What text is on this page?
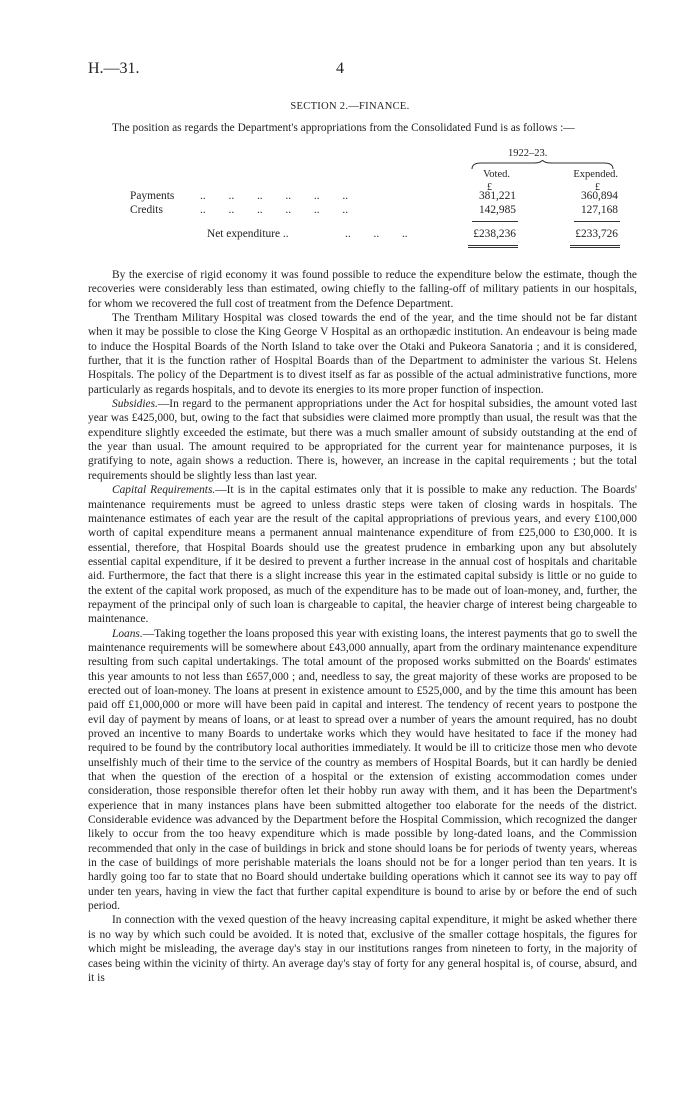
H.—31.	4
SECTION 2.—FINANCE.
The position as regards the Department's appropriations from the Consolidated Fund is as follows :—
1922–23.
Voted.	Expended.
£	£
Payments ..        ..        ..        ..        ..        ..	381,221	360,894
Credits	..        ..        ..        ..        ..        ..	142,985	127,168
Net expenditure ..	..        ..        ..	£238,236	£233,726

By the exercise of rigid economy it was found possible to reduce the expenditure below the estimate, though the recoveries were considerably less than estimated, owing chiefly to the falling-off of military patients in our hospitals, for whom we recovered the full cost of treatment from the Defence Department.

The Trentham Military Hospital was closed towards the end of the year, and the time should not be far distant when it may be possible to close the King George V Hospital as an orthopædic institution. An endeavour is being made to induce the Hospital Boards of the North Island to take over the Otaki and Pukeora Sanatoria ; and it is considered, further, that it is the function rather of Hospital Boards than of the Department to administer the various St. Helens Hospitals. The policy of the Department is to divest itself as far as possible of the actual administrative functions, more particularly as regards hospitals, and to devote its energies to its more proper function of inspection.

Subsidies.—In regard to the permanent appropriations under the Act for hospital subsidies, the amount voted last year was £425,000, but, owing to the fact that subsidies were claimed more promptly than usual, the result was that the expenditure slightly exceeded the estimate, but there was a much smaller amount of subsidy outstanding at the end of the year than usual. The amount required to be appropriated for the current year for maintenance purposes, it is gratifying to note, again shows a reduction. There is, however, an increase in the capital requirements ; but the total requirements should be slightly less than last year.

Capital Requirements.—It is in the capital estimates only that it is possible to make any reduction. The Boards' maintenance requirements must be agreed to unless drastic steps were taken of closing wards in hospitals. The maintenance estimates of each year are the result of the capital appropriations of previous years, and every £100,000 worth of capital expenditure means a permanent annual maintenance expenditure of from £25,000 to £30,000. It is essential, therefore, that Hospital Boards should use the greatest prudence in embarking upon any but absolutely essential capital expenditure, if it be desired to prevent a further increase in the annual cost of hospitals and charitable aid. Furthermore, the fact that there is a slight increase this year in the estimated capital subsidy is little or no guide to the extent of the capital work proposed, as much of the expenditure has to be made out of loan-money, and, further, the repayment of the principal only of such loan is chargeable to capital, the heavier charge of interest being chargeable to maintenance.

Loans.—Taking together the loans proposed this year with existing loans, the interest payments that go to swell the maintenance requirements will be somewhere about £43,000 annually, apart from the ordinary maintenance expenditure resulting from such capital undertakings. The total amount of the proposed works submitted on the Boards' estimates this year amounts to not less than £657,000 ; and, needless to say, the great majority of these works are proposed to be erected out of loan-money. The loans at present in existence amount to £525,000, and by the time this amount has been paid off £1,000,000 or more will have been paid in capital and interest. The tendency of recent years to postpone the evil day of payment by means of loans, or at least to spread over a number of years the amount required, has no doubt proved an incentive to many Boards to undertake works which they would have hesitated to face if the money had required to be found by the contributory local authorities immediately. It would be ill to criticize those men who devote unselfishly much of their time to the service of the country as members of Hospital Boards, but it can hardly be denied that when the question of the erection of a hospital or the extension of existing accommodation comes under consideration, those responsible therefor often let their hobby run away with them, and it has been the Department's experience that in many instances plans have been submitted altogether too elaborate for the needs of the district. Considerable evidence was advanced by the Department before the Hospital Commission, which recognized the danger likely to occur from the too heavy expenditure which is made possible by long-dated loans, and the Commission recommended that only in the case of buildings in brick and stone should loans be for periods of twenty years, whereas in the case of buildings of more perishable materials the loans should not be for a longer period than ten years. It is hardly going too far to state that no Board should undertake building operations which it cannot see its way to pay off under ten years, having in view the fact that further capital expenditure is bound to arise by or before the end of such period.

In connection with the vexed question of the heavy increasing capital expenditure, it might be asked whether there is no way by which such could be avoided. It is noted that, exclusive of the smaller cottage hospitals, the figures for which might be misleading, the average day's stay in our institutions ranges from nineteen to forty, in the majority of cases being within the vicinity of thirty. An average day's stay of forty for any general hospital is, of course, absurd, and it is
